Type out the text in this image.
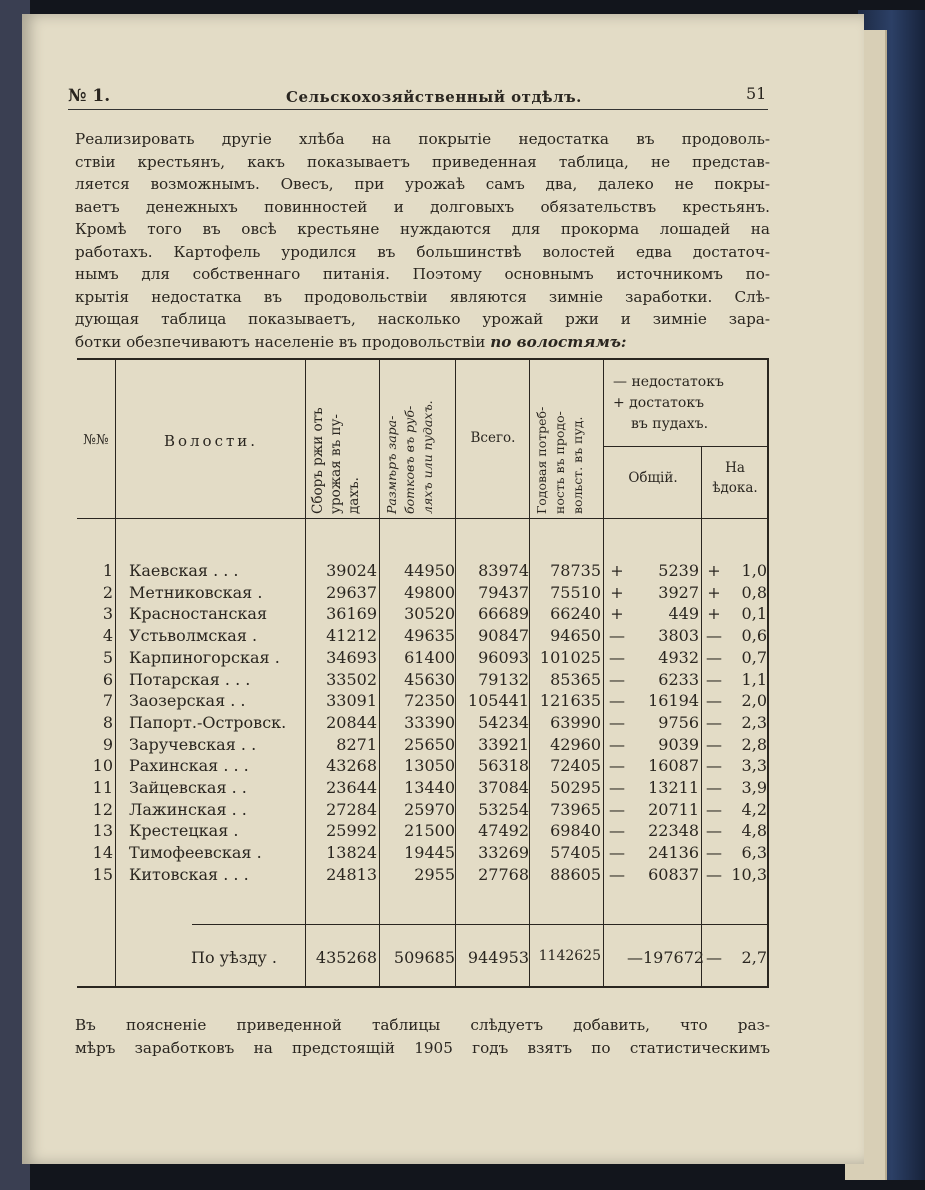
№ 1.	Сельскохозяйственный отдѣлъ.	51
Реализировать другіе хлѣба на покрытіе недостатка въ продоволь-
ствіи крестьянъ, какъ показываетъ приведенная таблица, не представ-
ляется возможнымъ. Овесъ, при урожаѣ самъ два, далеко не покры-
ваетъ денежныхъ повинностей и долговыхъ обязательствъ крестьянъ.
Кромѣ того въ овсѣ крестьяне нуждаются для прокорма лошадей на
работахъ. Картофель уродился въ большинствѣ волостей едва достаточ-
нымъ для собственнаго питанія. Поэтому основнымъ источникомъ по-
крытія недостатка въ продовольствіи являются зимніе заработки. Слѣ-
дующая таблица показываетъ, насколько урожай ржи и зимніе зара-
ботки обезпечиваютъ населеніе въ продовольствіи по волостямъ:
№№	Волости.	Сборъ ржи отъ урожая въ пу- дахъ. Размѣръ зара- ботковъ въ руб- ляхъ или пудахъ.	Всего.	Годовая потреб- ность въ продо- вольст. въ пуд.
— недостатокъ
+ достатокъ
въ пудахъ.
Общій.
На
ѣдока.
1 Каевская . . .	39024	44950	83974	78735 +	5239 +	1,0
2 Метниковская .	29637	49800	79437	75510 +	3927 +	0,8
3 Красностанская	36169	30520	66689	66240 +	449 +	0,1
4 Устьволмская .	41212	49635	90847	94650 —	3803 —	0,6
5 Карпиногорская .	34693	61400	96093 101025 —	4932 —	0,7
6 Потарская . . .	33502	45630	79132	85365 —	6233 —	1,1
7 Заозерская . .	33091	72350 105441 121635 —	16194 —	2,0
8 Папорт.-Островск.	20844	33390	54234	63990 —	9756 —	2,3
9 Заручевская . .	8271	25650	33921	42960 —	9039 —	2,8
10 Рахинская . . .	43268	13050	56318	72405 —	16087 —	3,3
11 Зайцевская . .	23644	13440	37084	50295 —	13211 —	3,9
12 Лажинская . .	27284	25970	53254	73965 —	20711 —	4,2
13 Крестецкая .	25992	21500	47492	69840 —	22348 —	4,8
14 Тимофеевская .	13824	19445	33269	57405 —	24136 —	6,3
15 Китовская . . .	24813	2955	27768	88605 —	60837 — 10,3
По уѣзду .	435268	509685 944953 1142625 —197672 —	2,7
Въ поясненіе приведенной таблицы слѣдуетъ добавить, что раз-
мѣръ заработковъ на предстоящій 1905 годъ взятъ по статистическимъ
